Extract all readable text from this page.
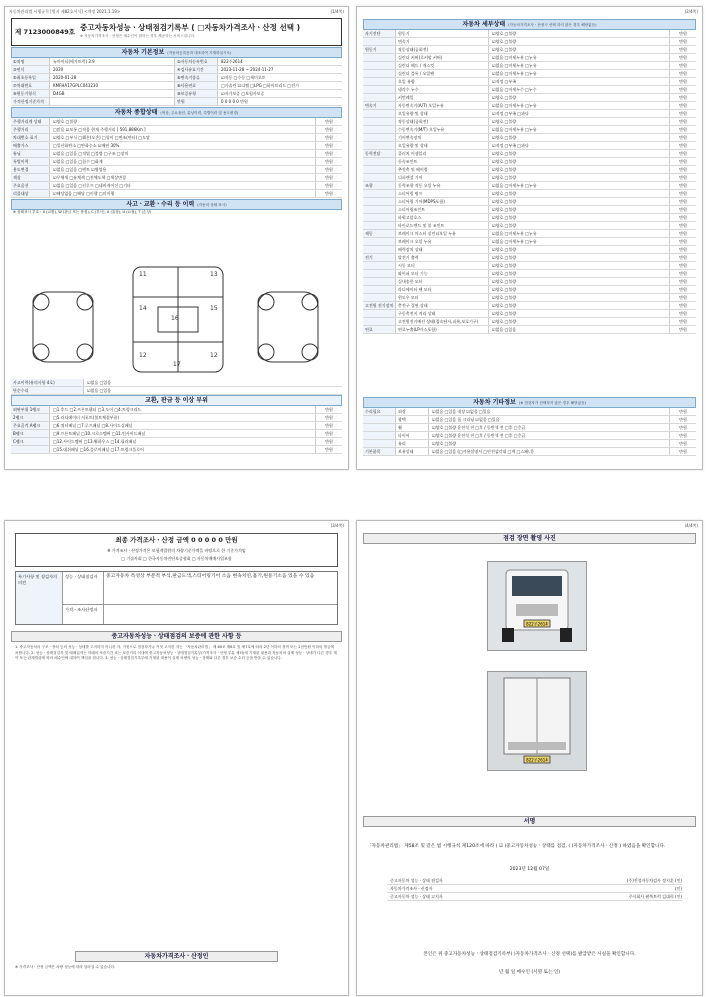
자동차관리법 시행규칙 [별지 제82호서식] <개정 2021.1.19>	(1/4쪽)
제 7123000849호 중고자동차성능ㆍ상태점검기록부 ( □자동차가격조사ㆍ산정 선택 )
※ 자동차가격조사ㆍ산정은 매수인이 원하는 경우 제공하는 서비스입니다.
자동차 기본정보 (자동차등록증과 대조하여 기재하십시오)
①차명	뉴마이티(메가트럭) 3.9	②자동차등록번호	822주2614
③연식	2020	④검사유효기간	2023-11-28 ~ 2024-11-27
⑤최초등록일	2020-01-28	⑥변속기종류	☑자동 □수동 □세미오토
⑦차대번호	KMFHA17GPLC043230	⑧사용연료	□가솔린 ☑디젤 □LPG □하이브리드 □전기
⑨원동기형식	D4GB	⑩보증유형	☑자가보증 □보험사보증
가격산정기준가격	만원	0 0 0 0 0 만원
자동차 종합상태 (색상, 주요옵션, 튜닝이력, 특별이력 및 용도변경)
주행거리계 상태	☑양호 □불량	만원
주행거리	□많음 ☑보통 □적음 현재 주행거리 [ 591,886Km ]	만원
차대번호 표기	☑양호 □부식 □훼손(오손) □상이 □변조(변타) □도말	만원
배출가스	□일산화탄소 □탄화수소 ☑매연 30%	만원
튜닝	☑없음 □있음 □적법 □불법 □구조 □장치	만원
특별이력	☑없음 □있음 □침수 □화재	만원
용도변경	☑없음 □있음 □렌트 ☑영업용	만원
색상	☑무채색 □유채색 □전체도색 □색상변경	만원
주요옵션	☑없음 □있음 □선루프 □네비게이션 □기타	만원
리콜대상	☑해당없음 □해당 □이행 □미이행	만원
사고ㆍ교환ㆍ수리 등 이력 (자동차 상태 표시)
※ 상태표시 부호 : X (교환), W (판금 또는 용접), C (부식), A (흠집), U (요철), T (손상)
11	13
14
16
15
12
17
12
사고이력(유의사항 4호)	☑없음 □있음
단순수리	☑없음 □있음
교환, 판금 등 이상 부위
외판부위 1랭크	□1.후드 □2.프론트휀더 □3.도어 □4.트렁크리드	만원
2랭크	□5.라디에이터 서포트(볼트체결부품)	만원
주요골격 A랭크	□6.쿼터패널 □7.루프패널 □8.사이드실패널	만원
B랭크	□9.프론트패널 □10.크로스멤버 □11.인사이드패널	만원
C랭크	□12.사이드멤버 □13.휠하우스 □14.필러패널	만원
□15.대쉬패널 □16.플로어패널 □17.트렁크플로어	만원
(2/4쪽)
자동차 세부상태 (자동차가격조사ㆍ산정시 선택 하지 않은 경우 해당없음)
자기진단	원동기	☑양호 □불량	만원
변속기	☑양호 □불량	만원
원동기	작동상태(공회전)	☑양호 □불량	만원
실린더 커버(로커암 커버)	☑없음 □미세누유 □누유	만원
실린더 헤드 / 개스킷	☑없음 □미세누유 □누유	만원
실린더 블록 / 오일팬	☑없음 □미세누유 □누유	만원
오일 유량	☑적정 □부족	만원
냉각수 누수	☑없음 □미세누수 □누수	만원
커먼레일	☑양호 □불량	만원
변속기	자동변속기(A/T) 오일누유	☑없음 □미세누유 □누유	만원
오일유량 및 상태	☑적정 □부족 □과다	만원
작동상태(공회전)	☑양호 □불량	만원
수동변속기(M/T) 오일누유	☑없음 □미세누유 □누유	만원
기어변속장치	☑양호 □불량	만원
오일유량 및 상태	☑적정 □부족 □과다	만원
동력전달	클러치 어셈블리	☑양호 □불량	만원
등속조인트	☑양호 □불량	만원
추진축 및 베어링	☑양호 □불량	만원
디퍼렌셜 기어	☑양호 □불량	만원
조향	동력조향 작동 오일 누유	☑없음 □미세누유 □누유	만원
스티어링 펌프	☑양호 □불량	만원
스티어링 기어(MDPS포함)	☑양호 □불량	만원
스티어링조인트	☑양호 □불량	만원
파워고압호스	☑양호 □불량	만원
타이로드엔드 및 볼 조인트	☑양호 □불량	만원
제동	브레이크 마스터 실린더오일 누유	☑없음 □미세누유 □누유	만원
브레이크 오일 누유	☑없음 □미세누유 □누유	만원
배력장치 상태	☑양호 □불량	만원
전기	발전기 출력	☑양호 □불량	만원
시동 모터	☑양호 □불량	만원
와이퍼 모터 기능	☑양호 □불량	만원
실내송풍 모터	☑양호 □불량	만원
라디에이터 팬 모터	☑양호 □불량	만원
윈도우 모터	☑양호 □불량	만원
고전원 전기장치	충전구 절연 상태	☑양호 □불량	만원
구동축전지 격리 상태	☑양호 □불량	만원
고전원전기배선 상태(접속단자,피복,보호기구)	☑양호 □불량	만원
연료	연료누출(LP가스포함)	☑없음 □있음	만원
자동차 기타정보 (※ 점검자가 선택하지 않은 경우 해당없음)
수리필요	외장	☑없음 □있음 내장 ☑없음 □있음	만원
광택	☑없음 □있음 룸 크리닝 ☑없음 □있음	만원
휠	☑양호 □불량 운전석 전 □후 / 동반석 전 □후 □응급	만원
타이어	☑양호 □불량 운전석 전 □후 / 동반석 전 □후 □응급	만원
유리	☑양호 □불량	만원
기본품목	보유상태	☑없음 □있음 (□사용설명서 □안전삼각대 □잭 □스패너)	만원
(3/4쪽)
최종 가격조사ㆍ산정 금액 0 0 0 0 0 만원
※ 가격조사ㆍ산정가격은 보험개발원의 차량기준가액을 바탕으로 한 기준가격임
□ 기술사회 □ 한국자동차진단보증협회 □ 자동차매매사업조합
특기사항 및 점검자의 의견
성능ㆍ상태점검자	중고자동차 특성상 부분적 부식,판금도색,스티어링기어 소음 변속치연,흡기,원동기소음 있을 수 있음
가격ㆍ조사산정자
중고자동차성능ㆍ상태점검의 보증에 관한 사항 등
1. 중고자동차의 구조ㆍ장치 등의 성능ㆍ상태를 고지하지 아니한 자, 거짓으로 점검하거나 거짓 고지한 자는 「자동차관리법」 제 80조 제6호 및 제7호에 따라 2년 이하의 징역 또는 2천만원 이하의 벌금에 처합니다. 2. 성능ㆍ상태점검자 및 매매업자는 아래의 보증기간 또는 보증거리 이내에 중고자동차성능ㆍ상태점검기록부(가격조사ㆍ산정 부분 제외)에 기재된 내용과 자동차의 실제 성능ㆍ상태가 다른 경우 계약 또는 관계법령에 따라 매수인에 대하여 책임을 집니다. 3. 성능ㆍ상태점검기록부에 기재된 내용이 실제 차량의 성능ㆍ상태와 다른 경우 보증 수리 등을 받을 수 있습니다.
자동차가격조사ㆍ산정인
※ 가격조사ㆍ산정 금액은 차량 성능에 따라 달라질 수 있습니다.
(4/4쪽)
점검 장면 촬영 사진
822주2614
822주2614
서명
「자동차관리법」 제58조 및 같은 법 시행규칙 제120조에 따라 ( ☑ )중고자동차성능ㆍ상태를 점검, ( )자동차가격조사ㆍ산정 ) 하였음을 확인합니다.
2023년 12월 07일
중고자동차 성능ㆍ상태 점검자	(주)전성자동차검사 정지훈 (인)
자동차가격조사ㆍ산정자	(인)
중고자동차 성능ㆍ상태 고지자	주식회사 팜북트럭 김대희 (인)
본인은 위 중고자동차성능ㆍ상태점검기록부( )자동차가격조사ㆍ산정 선택)를 발급받은 사실을 확인합니다.
년 월 일 매수인 (서명 또는 인)
